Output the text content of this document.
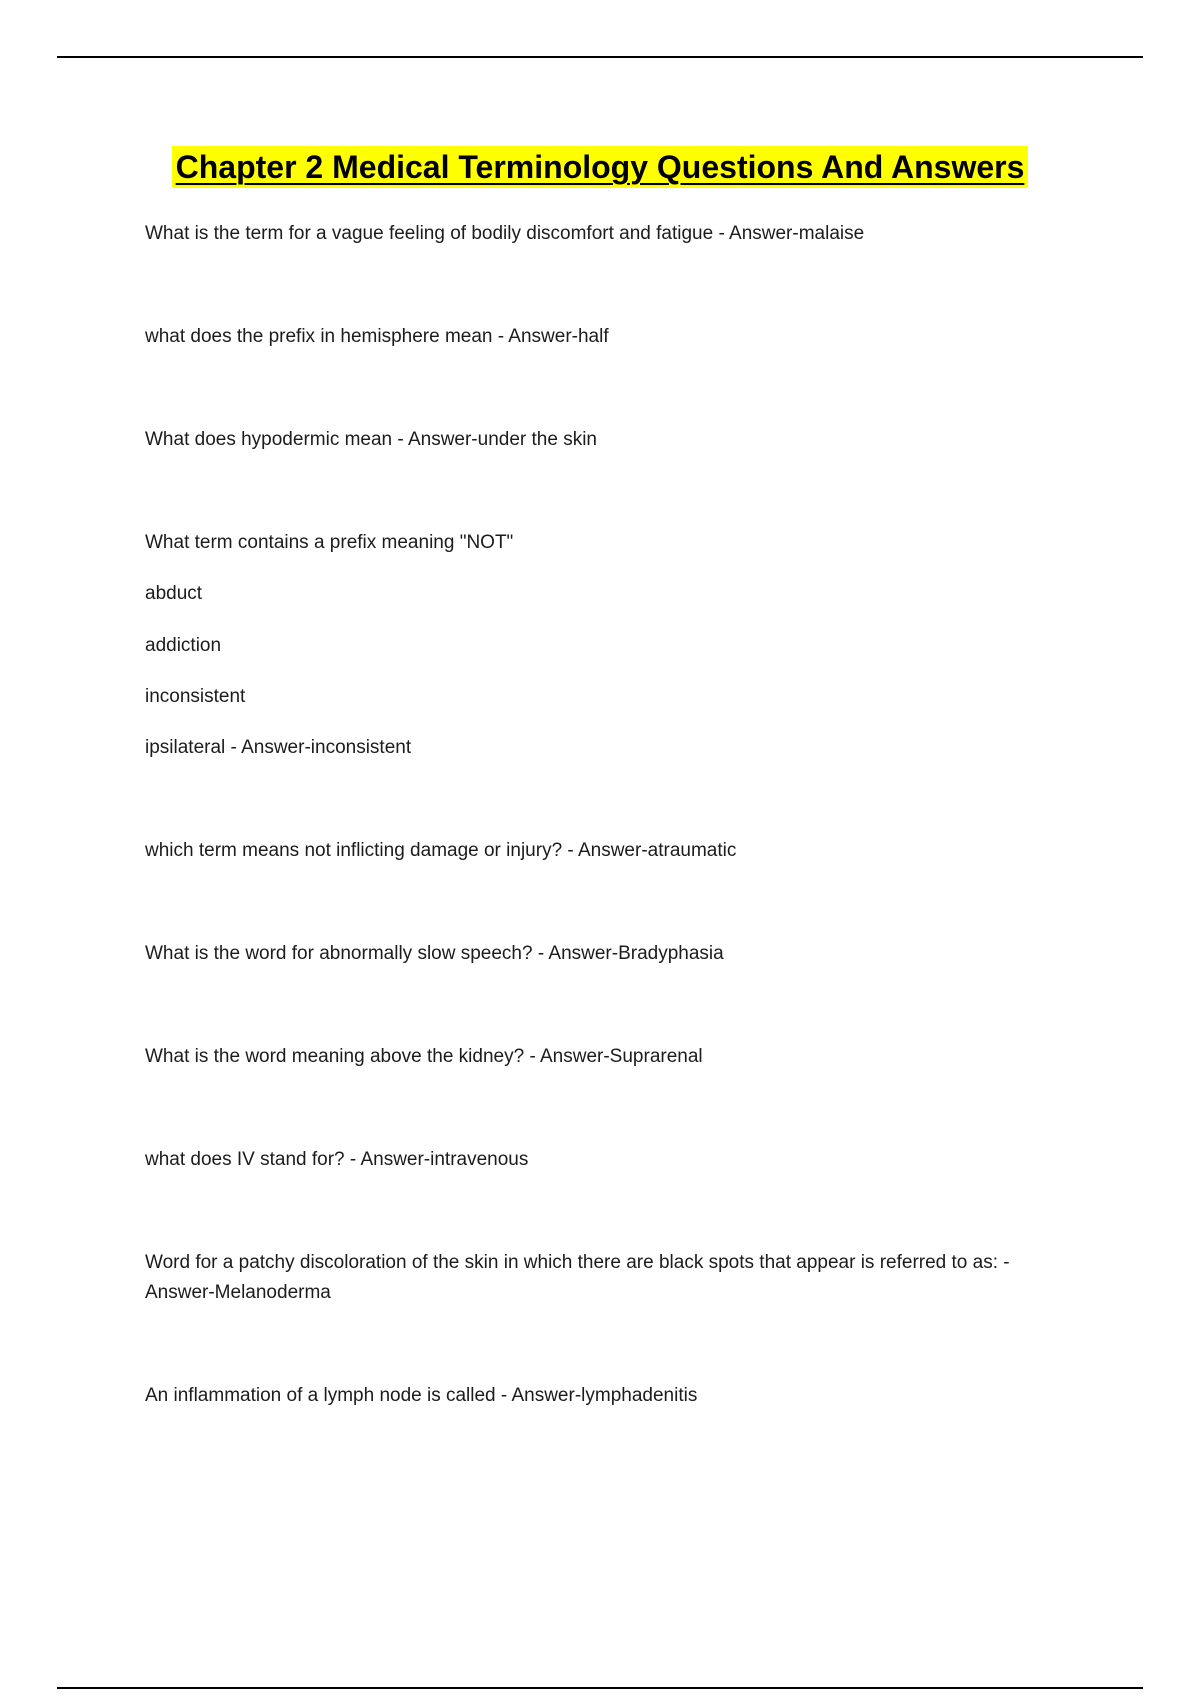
Chapter 2 Medical Terminology Questions And Answers
What is the term for a vague feeling of bodily discomfort and fatigue - Answer-malaise
what does the prefix in hemisphere mean - Answer-half
What does hypodermic mean - Answer-under the skin
What term contains a prefix meaning "NOT"
abduct
addiction
inconsistent
ipsilateral - Answer-inconsistent
which term means not inflicting damage or injury? - Answer-atraumatic
What is the word for abnormally slow speech? - Answer-Bradyphasia
What is the word meaning above the kidney? - Answer-Suprarenal
what does IV stand for? - Answer-intravenous
Word for a patchy discoloration of the skin in which there are black spots that appear is referred to as: -
Answer-Melanoderma
An inflammation of a lymph node is called - Answer-lymphadenitis
